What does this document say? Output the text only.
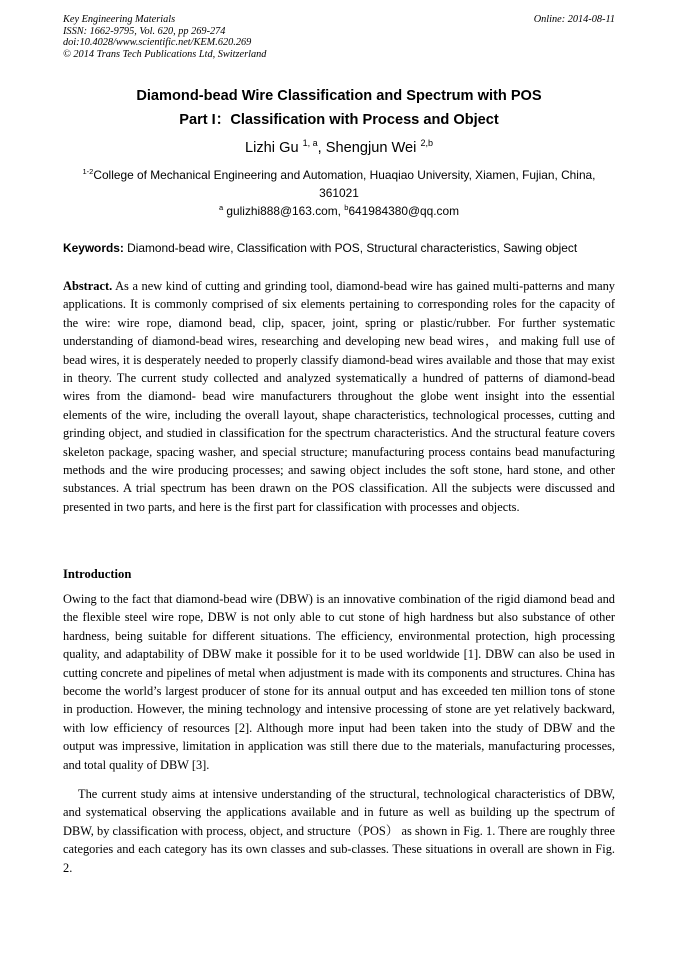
Key Engineering Materials
ISSN: 1662-9795, Vol. 620, pp 269-274
doi:10.4028/www.scientific.net/KEM.620.269
© 2014 Trans Tech Publications Ltd, Switzerland
Online: 2014-08-11
Diamond-bead Wire Classification and Spectrum with POS
Part I：Classification with Process and Object
Lizhi Gu $^{1, a}$, Shengjun Wei $^{2,b}$
$^{1-2}$College of Mechanical Engineering and Automation, Huaqiao University, Xiamen, Fujian, China,
361021
$^a$ gulizhi888@163.com, $^b$641984380@qq.com
Keywords: Diamond-bead wire, Classification with POS, Structural characteristics, Sawing object
Abstract. As a new kind of cutting and grinding tool, diamond-bead wire has gained multi-patterns and many applications. It is commonly comprised of six elements pertaining to corresponding roles for the capacity of the wire: wire rope, diamond bead, clip, spacer, joint, spring or plastic/rubber. For further systematic understanding of diamond-bead wires, researching and developing new bead wires，and making full use of bead wires, it is desperately needed to properly classify diamond-bead wires available and those that may exist in theory. The current study collected and analyzed systematically a hundred of patterns of diamond-bead wires from the diamond- bead wire manufacturers throughout the globe went insight into the essential elements of the wire, including the overall layout, shape characteristics, technological processes, cutting and grinding object, and studied in classification for the spectrum characteristics. And the structural feature covers skeleton package, spacing washer, and special structure; manufacturing process contains bead manufacturing methods and the wire producing processes; and sawing object includes the soft stone, hard stone, and other substances. A trial spectrum has been drawn on the POS classification. All the subjects were discussed and presented in two parts, and here is the first part for classification with processes and objects.
Introduction
Owing to the fact that diamond-bead wire (DBW) is an innovative combination of the rigid diamond bead and the flexible steel wire rope, DBW is not only able to cut stone of high hardness but also substance of other hardness, being suitable for different situations. The efficiency, environmental protection, high processing quality, and adaptability of DBW make it possible for it to be used worldwide [1]. DBW can also be used in cutting concrete and pipelines of metal when adjustment is made with its components and structures. China has become the world’s largest producer of stone for its annual output and has exceeded ten million tons of stone in production. However, the mining technology and intensive processing of stone are yet relatively backward, with low efficiency of resources [2]. Although more input had been taken into the study of DBW and the output was impressive, limitation in application was still there due to the materials, manufacturing processes, and total quality of DBW [3].
The current study aims at intensive understanding of the structural, technological characteristics of DBW, and systematical observing the applications available and in future as well as building up the spectrum of DBW, by classification with process, object, and structure（POS） as shown in Fig. 1. There are roughly three categories and each category has its own classes and sub-classes. These situations in overall are shown in Fig. 2.
